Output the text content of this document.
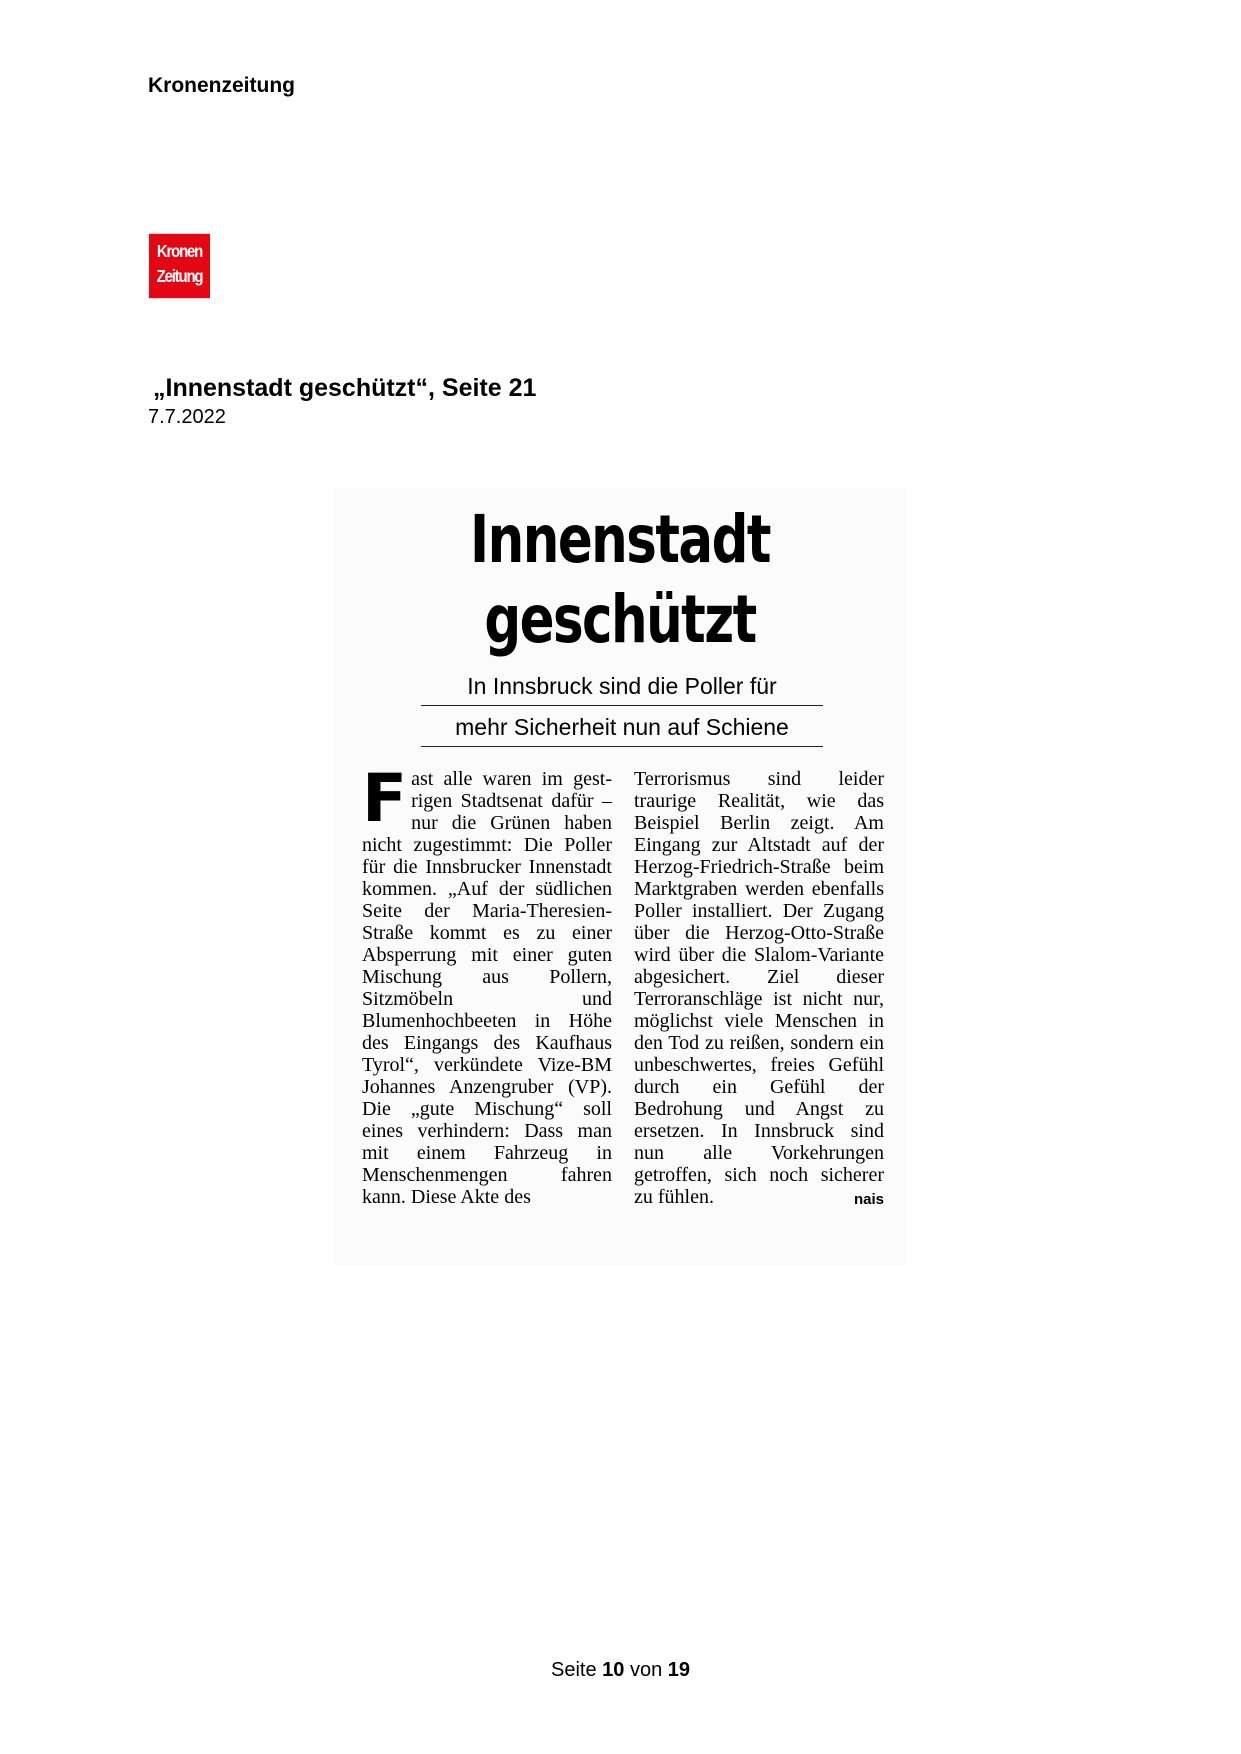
Kronenzeitung
Kronen
Zeitung
„Innenstadt geschützt“, Seite 21
7.7.2022
Innenstadt
geschützt
In Innsbruck sind die Poller für
mehr Sicherheit nun auf Schiene
F ast alle waren im gestrigen Stadtsenat dafür – nur die Grünen haben nicht zugestimmt: Die Poller für die Innsbrucker Innenstadt kommen. „Auf der südlichen Seite der Maria-Theresien-Straße kommt es zu einer Absperrung mit einer guten Mischung aus Pollern, Sitzmöbeln und Blumenhochbeeten in Höhe des Eingangs des Kaufhaus Tyrol“, verkündete Vize-BM Johannes Anzengruber (VP). Die „gute Mischung“ soll eines verhindern: Dass man mit einem Fahrzeug in Menschenmengen fahren kann. Diese Akte des
Terrorismus sind leider traurige Realität, wie das Beispiel Berlin zeigt. Am Eingang zur Altstadt auf der Herzog-Friedrich-Straße beim Marktgraben werden ebenfalls Poller installiert. Der Zugang über die Herzog-Otto-Straße wird über die Slalom-Variante abgesichert. Ziel dieser Terroranschläge ist nicht nur, möglichst viele Menschen in den Tod zu reißen, sondern ein unbeschwertes, freies Gefühl durch ein Gefühl der Bedrohung und Angst zu ersetzen. In Innsbruck sind nun alle Vorkehrungen getroffen, sich noch sicherer zu fühlen.	nais
Seite 10 von 19
